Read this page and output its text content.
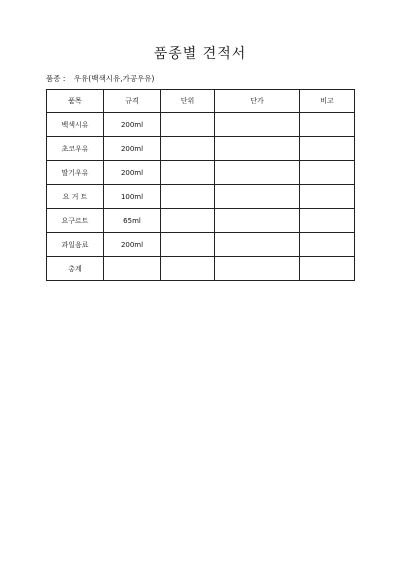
품종별 견적서
품종 : 우유(백색시유,가공우유)
품목	규격	단위	단가	비고
백색시유	200ml			
초코우유	200ml			
딸기우유	200ml			
요 거 트	100ml			
요구르트	65ml			
과일음료	200ml			
총계				
